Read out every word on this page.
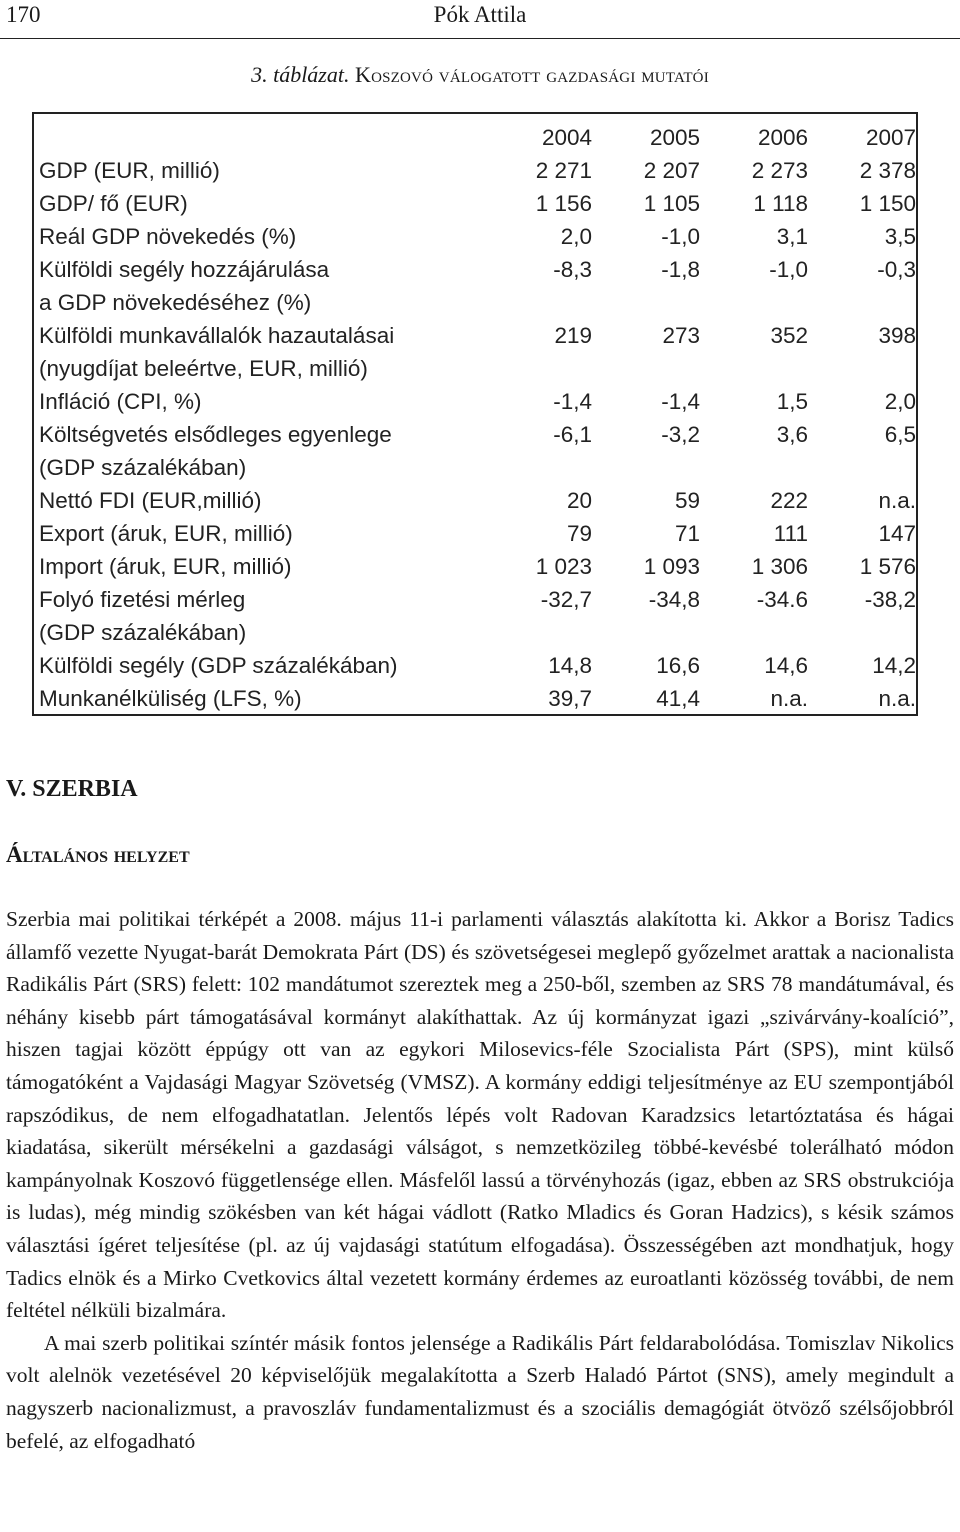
170	Pók Attila
3. táblázat. Koszovó válogatott gazdasági mutatói
	2004	2005	2006	2007
GDP (EUR, millió)	2 271	2 207	2 273	2 378
GDP/ fő (EUR)	1 156	1 105	1 118	1 150
Reál GDP növekedés (%)	2,0	-1,0	3,1	3,5
Külföldi segély hozzájárulása	-8,3	-1,8	-1,0	-0,3
a GDP növekedéséhez (%)				
Külföldi munkavállalók hazautalásai	219	273	352	398
(nyugdíjat beleértve, EUR, millió)				
Infláció (CPI, %)	-1,4	-1,4	1,5	2,0
Költségvetés elsődleges egyenlege	-6,1	-3,2	3,6	6,5
(GDP százalékában)				
Nettó FDI (EUR,millió)	20	59	222	n.a.
Export (áruk, EUR, millió)	79	71	111	147
Import (áruk, EUR, millió)	1 023	1 093	1 306	1 576
Folyó fizetési mérleg	-32,7	-34,8	-34.6	-38,2
(GDP százalékában)				
Külföldi segély (GDP százalékában)	14,8	16,6	14,6	14,2
Munkanélküliség (LFS, %)	39,7	41,4	n.a.	n.a.
V. SZERBIA
Általános helyzet

Szerbia mai politikai térképét a 2008. május 11-i parlamenti választás alakította ki. Akkor a Borisz Tadics államfő vezette Nyugat-barát Demokrata Párt (DS) és szövetségesei meglepő győzelmet arattak a nacionalista Radikális Párt (SRS) felett: 102 mandátumot szereztek meg a 250-ből, szemben az SRS 78 mandátumával, és néhány kisebb párt támogatásával kormányt alakíthattak. Az új kormányzat igazi „szivárvány-koalíció”, hiszen tagjai között éppúgy ott van az egykori Milosevics-féle Szocialista Párt (SPS), mint külső támogatóként a Vajdasági Magyar Szövetség (VMSZ). A kormány eddigi teljesítménye az EU szempontjából rapszódikus, de nem elfogadhatatlan. Jelentős lépés volt Radovan Karadzsics letartóztatása és hágai kiadatása, sikerült mérsékelni a gazdasági válságot, s nemzetközileg többé-kevésbé tolerálható módon kampányolnak Koszovó függetlensége ellen. Másfelől lassú a törvényhozás (igaz, ebben az SRS obstrukciója is ludas), még mindig szökésben van két hágai vádlott (Ratko Mladics és Goran Hadzics), s késik számos választási ígéret teljesítése (pl. az új vajdasági statútum elfogadása). Összességében azt mondhatjuk, hogy Tadics elnök és a Mirko Cvetkovics által vezetett kormány érdemes az euroatlanti közösség további, de nem feltétel nélküli bizalmára.

A mai szerb politikai színtér másik fontos jelensége a Radikális Párt feldarabolódása. Tomiszlav Nikolics volt alelnök vezetésével 20 képviselőjük megalakította a Szerb Haladó Pártot (SNS), amely megindult a nagyszerb nacionalizmust, a pravoszláv fundamentalizmust és a szociális demagógiát ötvöző szélsőjobbról befelé, az elfogadható
